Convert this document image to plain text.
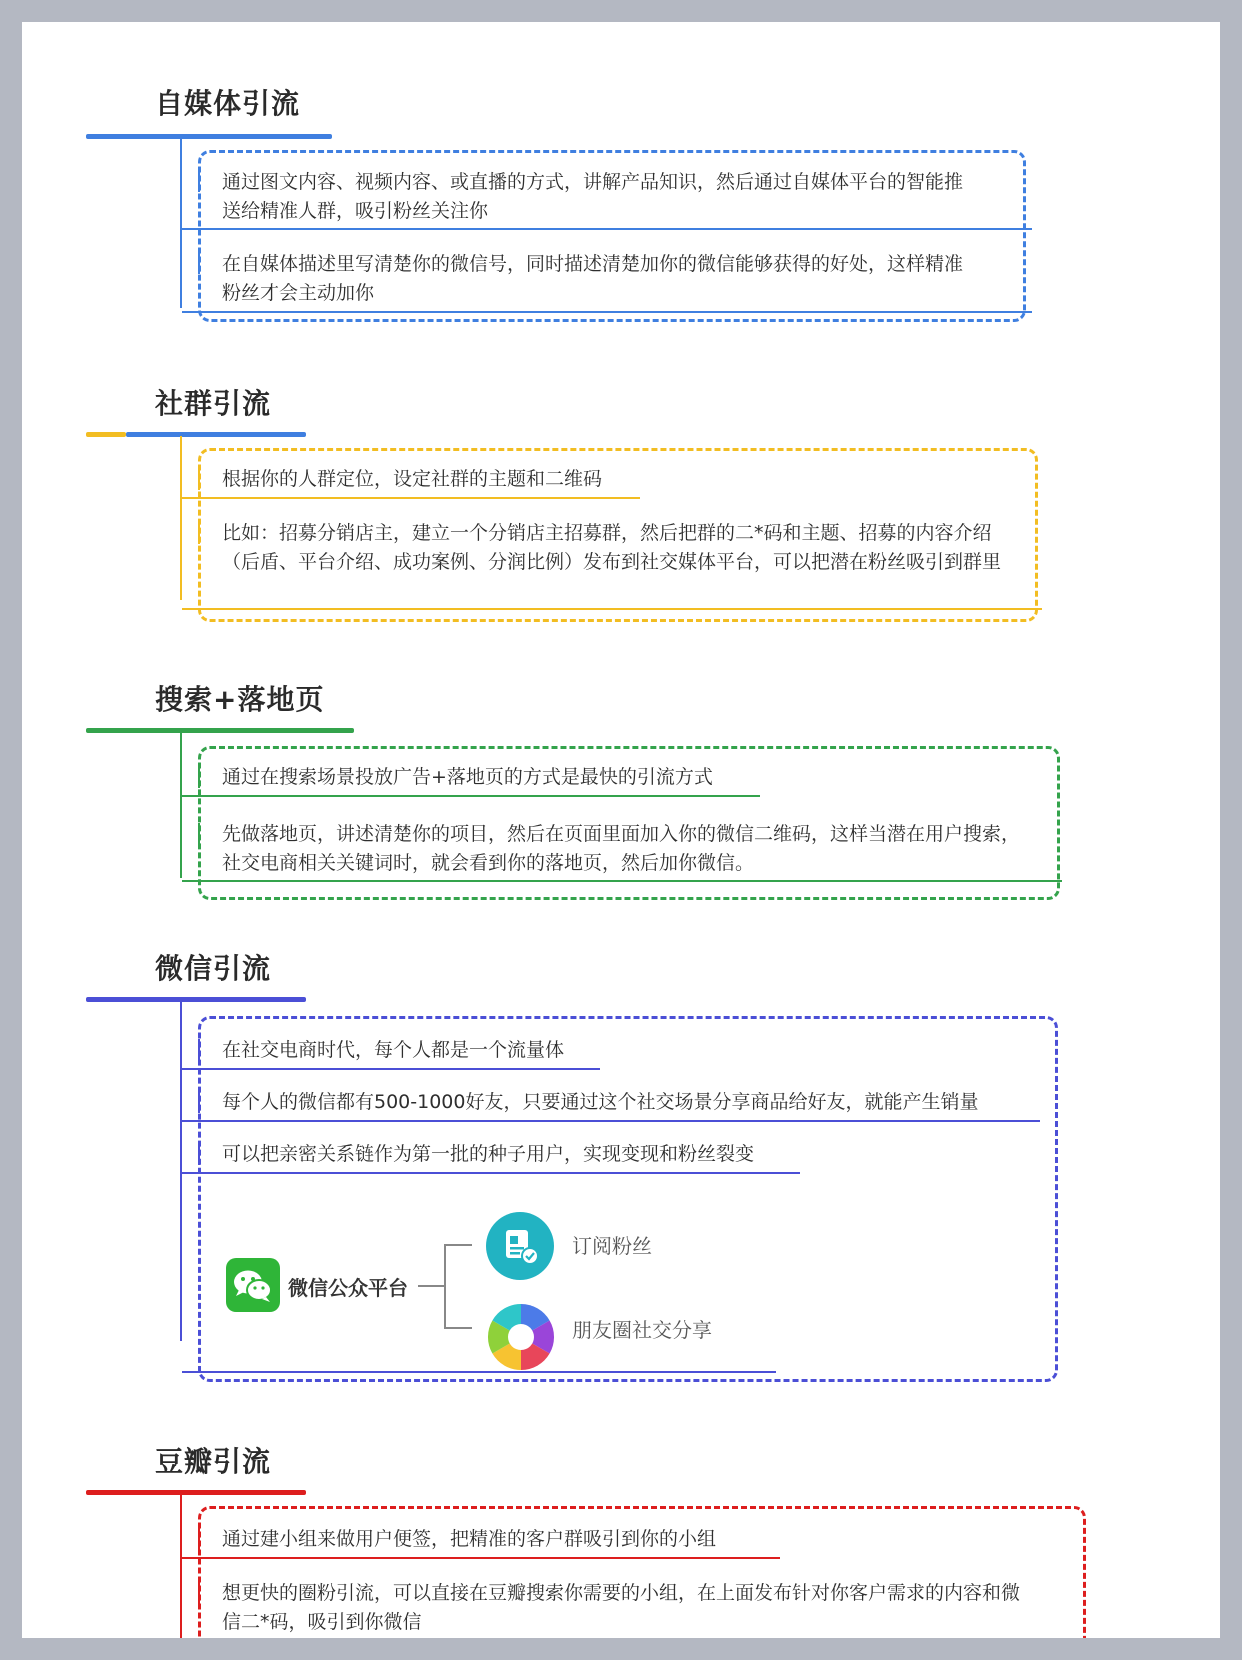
自媒体引流
通过图文内容、视频内容、或直播的方式，讲解产品知识，然后通过自媒体平台的智能推送给精准人群，吸引粉丝关注你
在自媒体描述里写清楚你的微信号，同时描述清楚加你的微信能够获得的好处，这样精准粉丝才会主动加你
社群引流
根据你的人群定位，设定社群的主题和二维码
比如：招募分销店主，建立一个分销店主招募群，然后把群的二*码和主题、招募的内容介绍（后盾、平台介绍、成功案例、分润比例）发布到社交媒体平台，可以把潜在粉丝吸引到群里
搜索+落地页
通过在搜索场景投放广告+落地页的方式是最快的引流方式
先做落地页，讲述清楚你的项目，然后在页面里面加入你的微信二维码，这样当潜在用户搜索，社交电商相关关键词时，就会看到你的落地页，然后加你微信。
微信引流
在社交电商时代，每个人都是一个流量体
每个人的微信都有500-1000好友，只要通过这个社交场景分享商品给好友，就能产生销量
可以把亲密关系链作为第一批的种子用户，实现变现和粉丝裂变
微信公众平台
订阅粉丝
朋友圈社交分享
豆瓣引流
通过建小组来做用户便签，把精准的客户群吸引到你的小组
想更快的圈粉引流，可以直接在豆瓣搜索你需要的小组，在上面发布针对你客户需求的内容和微信二*码，吸引到你微信
